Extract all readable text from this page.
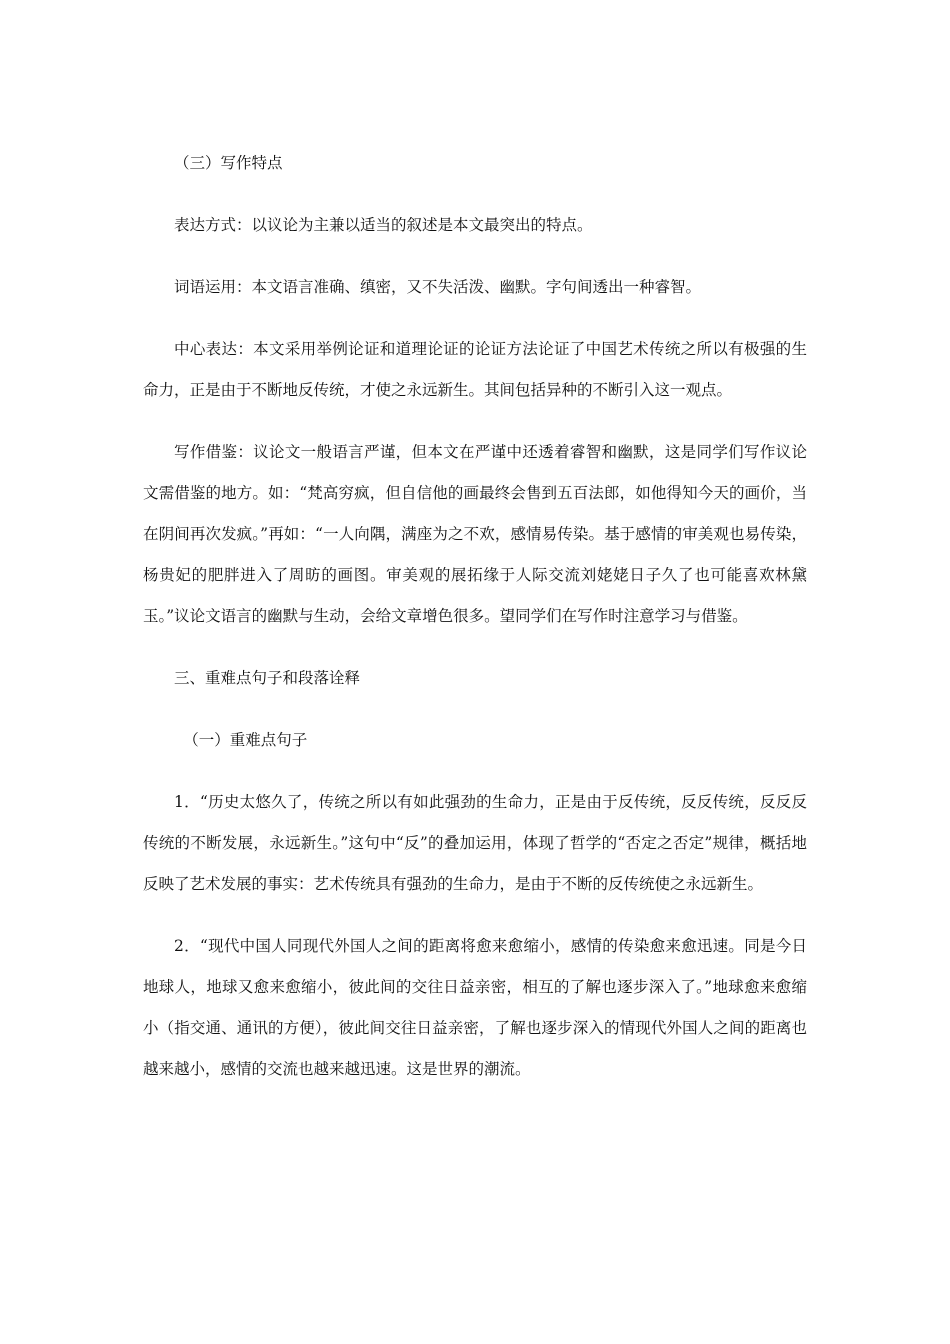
（三）写作特点

表达方式：以议论为主兼以适当的叙述是本文最突出的特点。

词语运用：本文语言准确、缜密，又不失活泼、幽默。字句间透出一种睿智。

中心表达：本文采用举例论证和道理论证的论证方法论证了中国艺术传统之所以有极强的生命力，正是由于不断地反传统，才使之永远新生。其间包括异种的不断引入这一观点。

写作借鉴：议论文一般语言严谨，但本文在严谨中还透着睿智和幽默，这是同学们写作议论文需借鉴的地方。如：“梵高穷疯，但自信他的画最终会售到五百法郎，如他得知今天的画价，当在阴间再次发疯。”再如：“一人向隅，满座为之不欢，感情易传染。基于感情的审美观也易传染，杨贵妃的肥胖进入了周昉的画图。审美观的展拓缘于人际交流刘姥姥日子久了也可能喜欢林黛玉。”议论文语言的幽默与生动，会给文章增色很多。望同学们在写作时注意学习与借鉴。

三、重难点句子和段落诠释

（一）重难点句子

1．“历史太悠久了，传统之所以有如此强劲的生命力，正是由于反传统，反反传统，反反反传统的不断发展，永远新生。”这句中“反”的叠加运用，体现了哲学的“否定之否定”规律，概括地反映了艺术发展的事实：艺术传统具有强劲的生命力，是由于不断的反传统使之永远新生。

2．“现代中国人同现代外国人之间的距离将愈来愈缩小，感情的传染愈来愈迅速。同是今日地球人，地球又愈来愈缩小，彼此间的交往日益亲密，相互的了解也逐步深入了。”地球愈来愈缩小（指交通、通讯的方便），彼此间交往日益亲密，了解也逐步深入的情现代外国人之间的距离也越来越小，感情的交流也越来越迅速。这是世界的潮流。
